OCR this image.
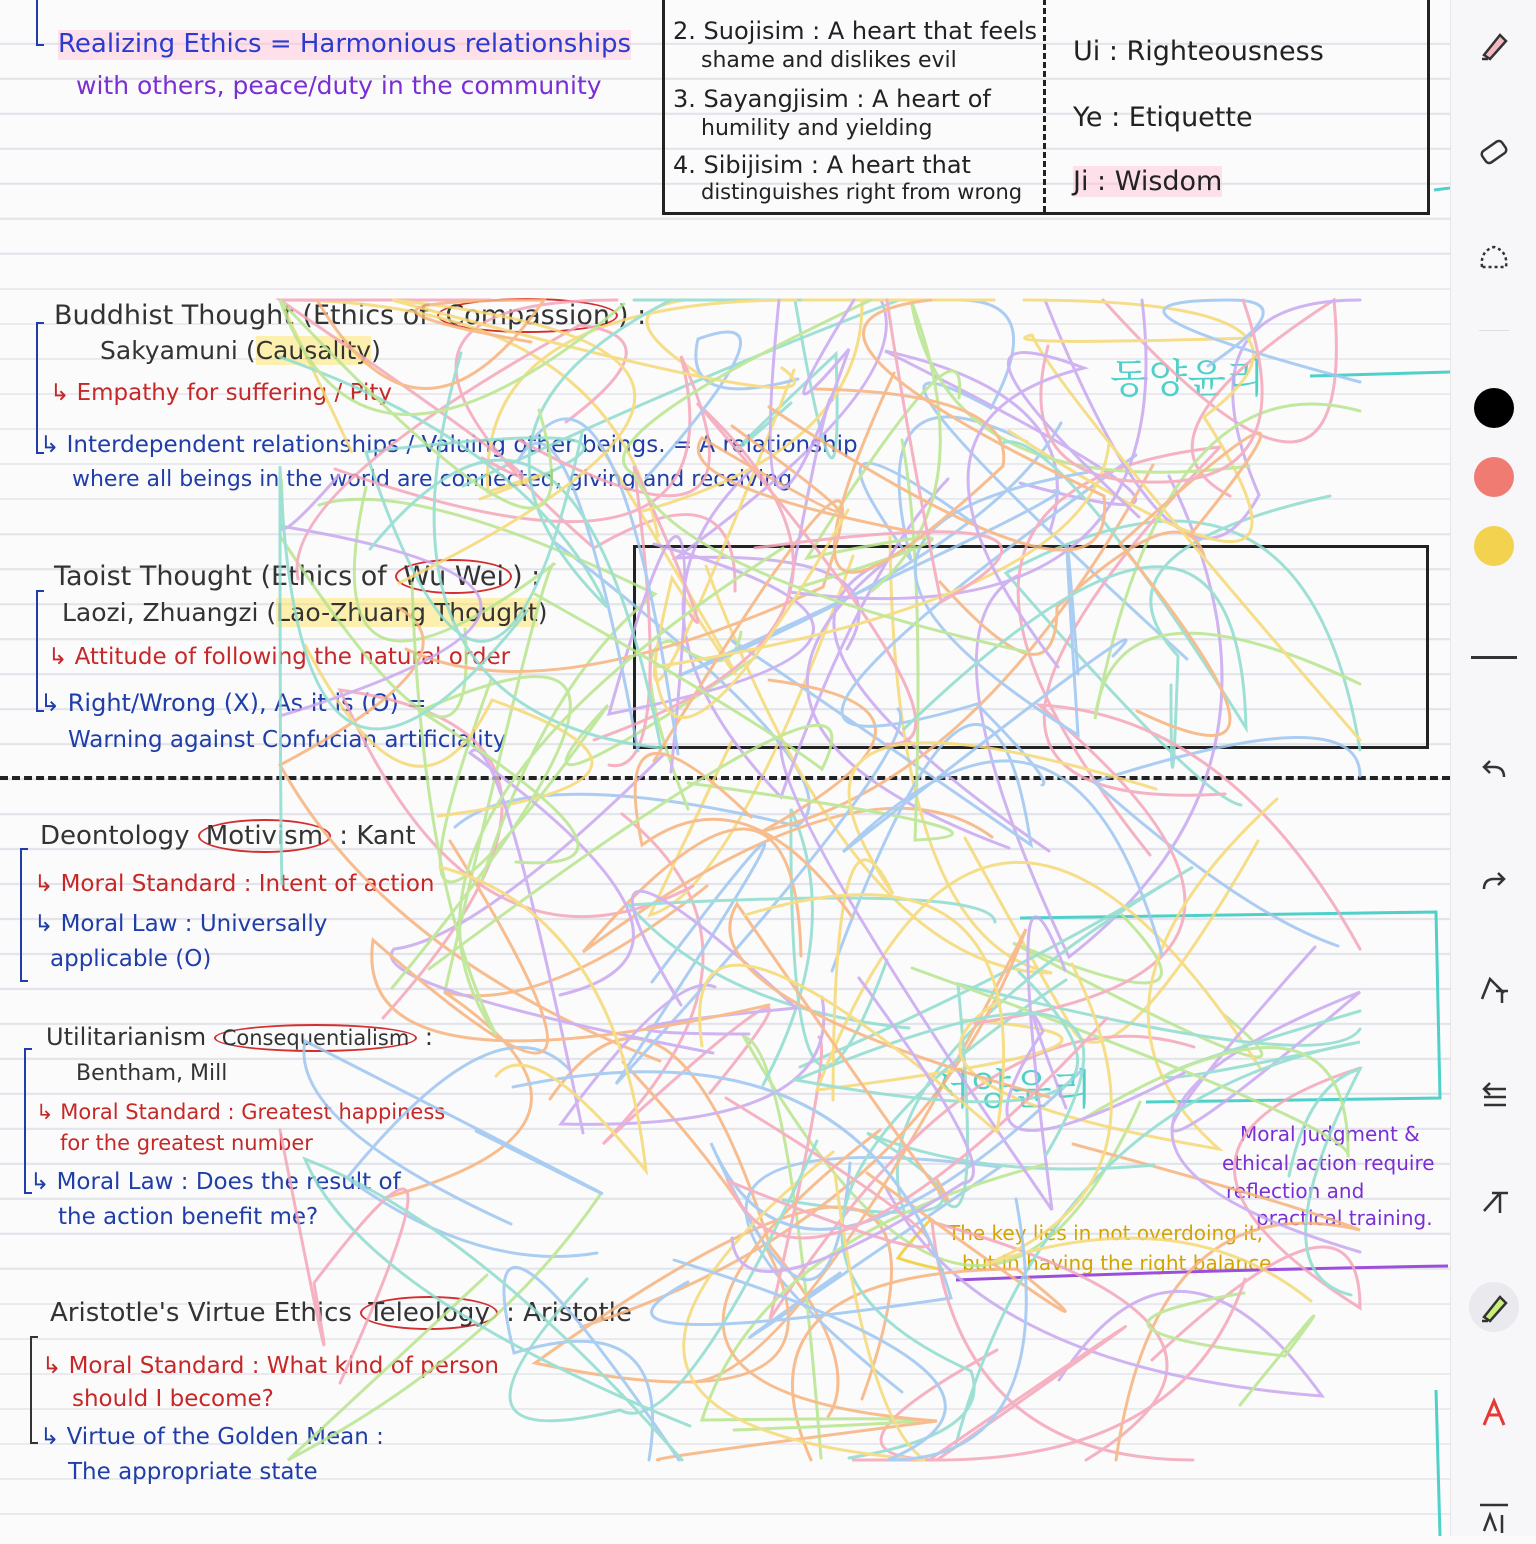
Realizing Ethics = Harmonious relationships
with others, peace/duty in the community
2. Suojisim : A heart that feels
shame and dislikes evil
3. Sayangjisim : A heart of
humility and yielding
4. Sibijisim : A heart that
distinguishes right from wrong
Ui : Righteousness
Ye : Etiquette
Ji : Wisdom
Buddhist Thought (Ethics of Compassion ) :
Sakyamuni (Causality)
↳ Empathy for suffering / Pity
↳ Interdependent relationships / Valuing other beings. = A relationship
where all beings in the world are connected, giving and receiving
Taoist Thought (Ethics of Wu Wei ) :
Laozi, Zhuangzi (Lao-Zhuang Thought)
↳ Attitude of following the natural order
↳ Right/Wrong (X), As it is (O) =
Warning against Confucian artificiality
Deontology Motivism : Kant
↳ Moral Standard : Intent of action
↳ Moral Law : Universally
applicable (O)
Utilitarianism Consequentialism :
Bentham, Mill
↳ Moral Standard : Greatest happiness
for the greatest number
↳ Moral Law : Does the result of
the action benefit me?
Aristotle's Virtue Ethics Teleology : Aristotle
↳ Moral Standard : What kind of person
should I become?
↳ Virtue of the Golden Mean :
The appropriate state
동양윤리
서양윤리
Moral judgment &
ethical action require
reflection and
practical training.
The key lies in not overdoing it,
but in having the right balance.
